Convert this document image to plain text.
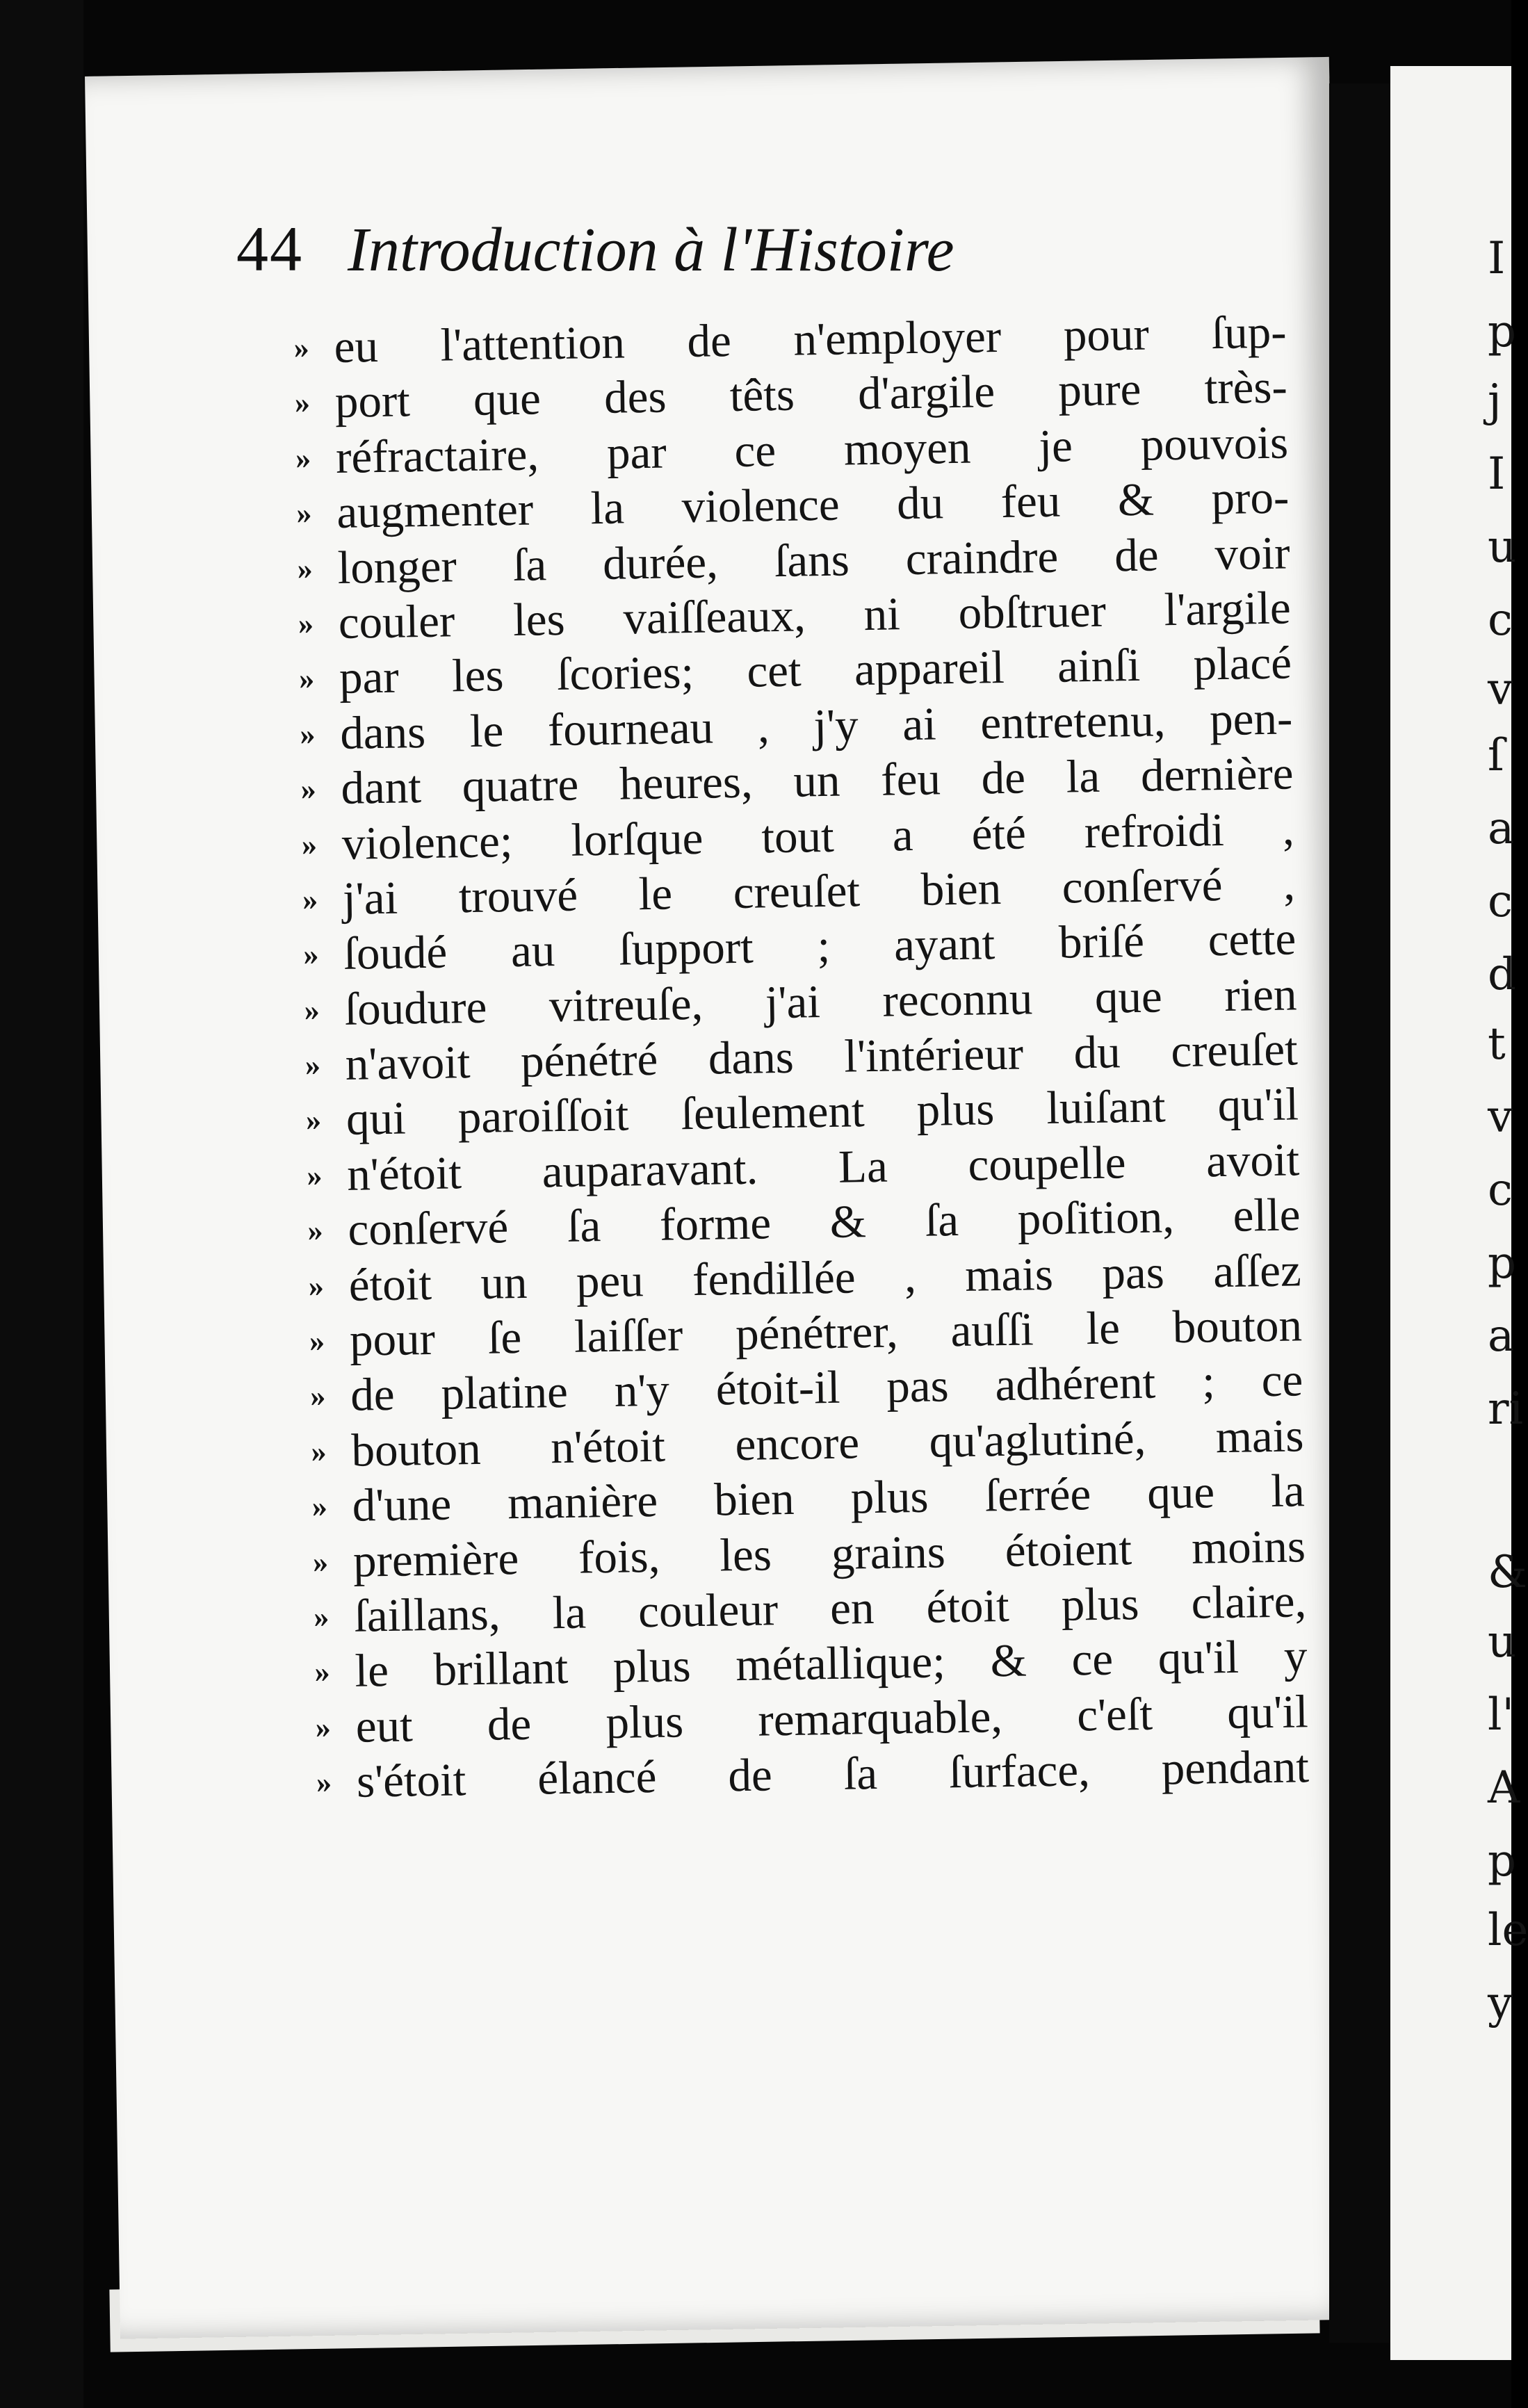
I
p
j
I
u
c
v
ſ
a
c
d
t
v
c
p
a
ri
&
u
l'
A
p
le
y
44 Introduction à l'Histoire
» eu l'attention de n'employer pour ſup-
» port que des têts d'argile pure très-
» réfractaire, par ce moyen je pouvois
» augmenter la violence du feu & pro-
» longer ſa durée, ſans craindre de voir
» couler les vaiſſeaux, ni obſtruer l'argile
» par les ſcories; cet appareil ainſi placé
» dans le fourneau , j'y ai entretenu, pen-
» dant quatre heures, un feu de la dernière
» violence; lorſque tout a été refroidi ,
» j'ai trouvé le creuſet bien conſervé ,
» ſoudé au ſupport ; ayant briſé cette
» ſoudure vitreuſe, j'ai reconnu que rien
» n'avoit pénétré dans l'intérieur du creuſet
» qui paroiſſoit ſeulement plus luiſant qu'il
» n'étoit auparavant. La coupelle avoit
» conſervé ſa forme & ſa poſition, elle
» étoit un peu fendillée , mais pas aſſez
» pour ſe laiſſer pénétrer, auſſi le bouton
» de platine n'y étoit-il pas adhérent ; ce
» bouton n'étoit encore qu'aglutiné, mais
» d'une manière bien plus ſerrée que la
» première fois, les grains étoient moins
» ſaillans, la couleur en étoit plus claire,
» le brillant plus métallique; & ce qu'il y
» eut de plus remarquable, c'eſt qu'il
» s'étoit élancé de ſa ſurface, pendant
